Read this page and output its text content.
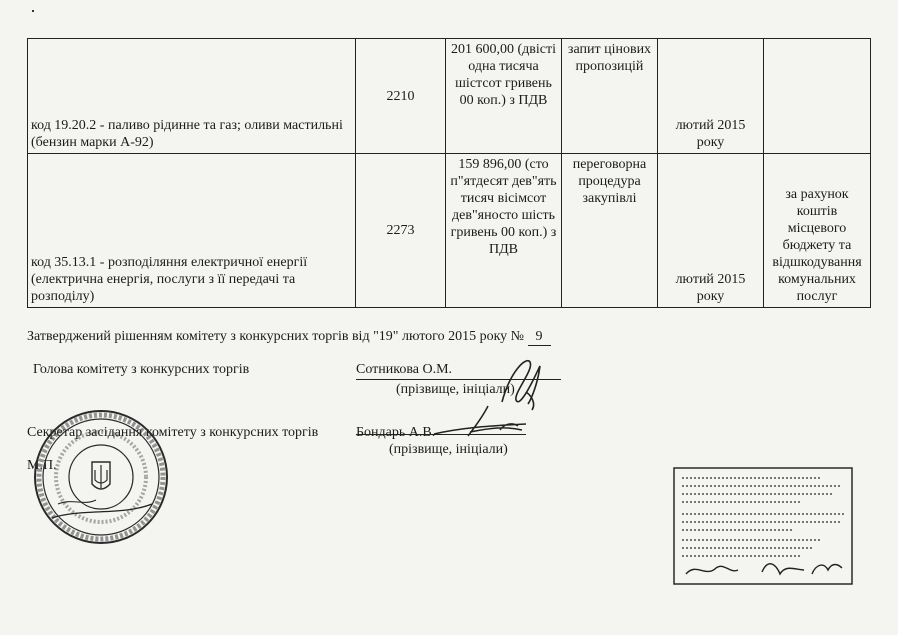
код 19.20.2 - паливо рідинне та газ; оливи мастильні (бензин марки А-92)	2210	201 600,00 (двісті одна тисяча шістсот гривень 00 коп.) з ПДВ	запит цінових пропозицій	лютий 2015 року	
код 35.13.1 - розподіляння електричної енергії (електрична енергія, послуги з її передачі та розподілу)	2273	159 896,00 (сто п"ятдесят дев"ять тисяч вісімсот дев"яносто шість гривень 00 коп.) з ПДВ	переговорна процедура закупівлі	лютий 2015 року	за рахунок коштів місцевого бюджету та відшкодування комунальних послуг
Затверджений рішенням комітету з конкурсних торгів від "19" лютого 2015 року № 9
Голова комітету з конкурсних торгів	Сотникова О.М.
(прізвище, ініціали)
Секретар засідання комітету з конкурсних торгів	Бондарь А.В.
(прізвище, ініціали)
М.П.
